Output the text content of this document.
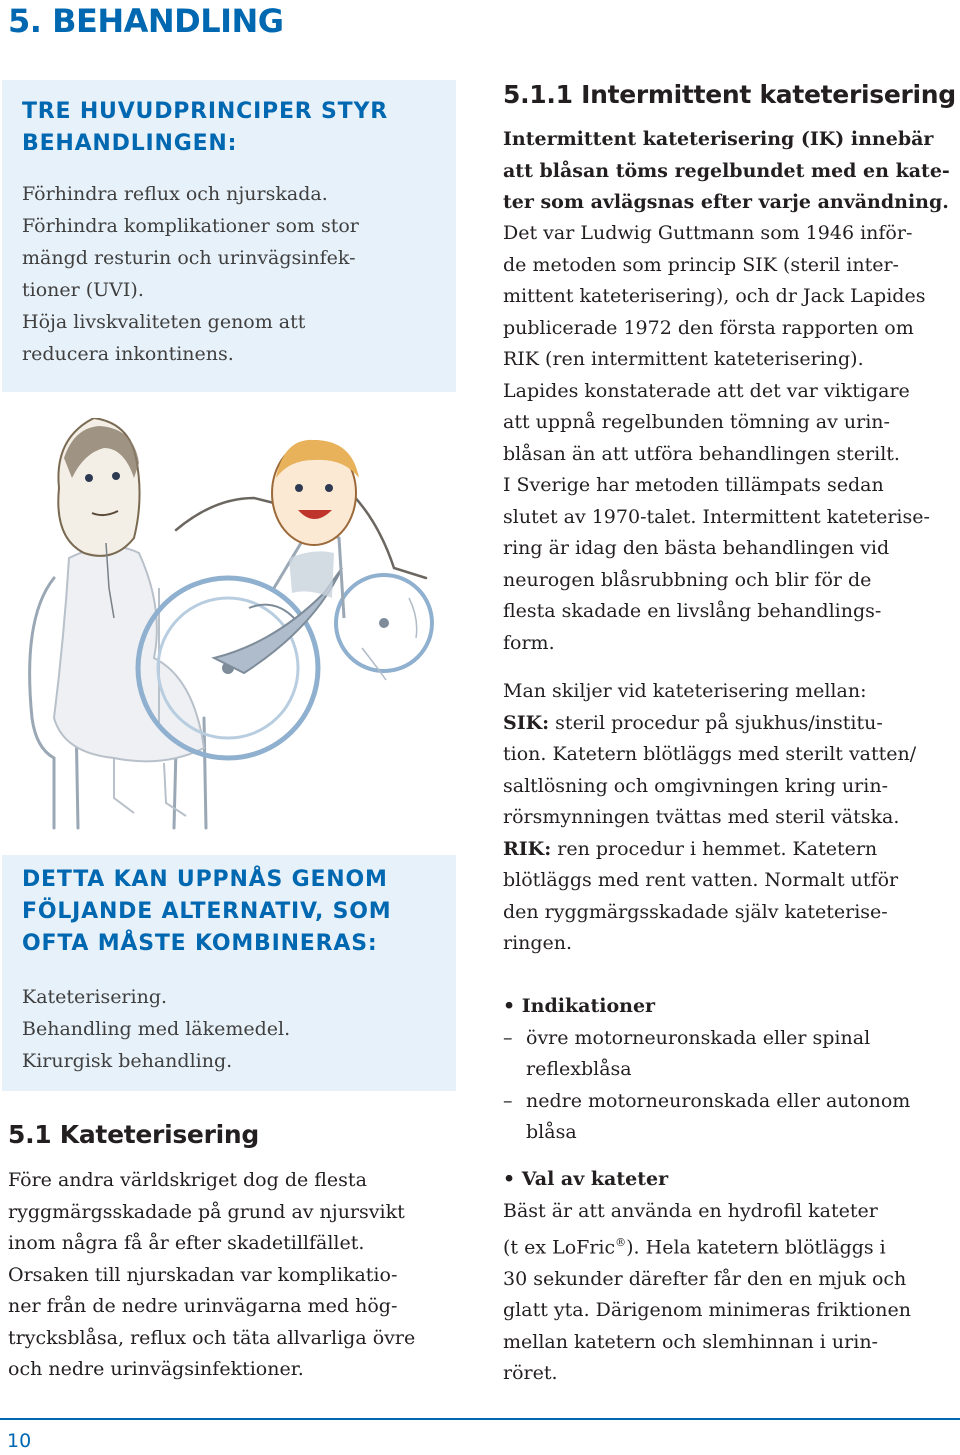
5. BEHANDLING
TRE HUVUDPRINCIPER STYR
BEHANDLINGEN:
Förhindra reflux och njurskada.
Förhindra komplikationer som stor
mängd resturin och urinvägsinfek-
tioner (UVI).
Höja livskvaliteten genom att
reducera inkontinens.
DETTA KAN UPPNÅS GENOM
FÖLJANDE ALTERNATIV, SOM
OFTA MÅSTE KOMBINERAS:
Kateterisering.
Behandling med läkemedel.
Kirurgisk behandling.
5.1 Kateterisering
Före andra världskriget dog de flesta
ryggmärgsskadade på grund av njursvikt
inom några få år efter skadetillfället.
Orsaken till njurskadan var komplikatio-
ner från de nedre urinvägarna med hög-
trycksblåsa, reflux och täta allvarliga övre
och nedre urinvägsinfektioner.
5.1.1 Intermittent kateterisering
Intermittent kateterisering (IK) innebär
att blåsan töms regelbundet med en kate-
ter som avlägsnas efter varje användning.
Det var Ludwig Guttmann som 1946 inför-
de metoden som princip SIK (steril inter-
mittent kateterisering), och dr Jack Lapides
publicerade 1972 den första rapporten om
RIK (ren intermittent kateterisering).
Lapides konstaterade att det var viktigare
att uppnå regelbunden tömning av urin-
blåsan än att utföra behandlingen sterilt.
I Sverige har metoden tillämpats sedan
slutet av 1970-talet. Intermittent kateterise-
ring är idag den bästa behandlingen vid
neurogen blåsrubbning och blir för de
flesta skadade en livslång behandlings-
form.
Man skiljer vid kateterisering mellan:
SIK: steril procedur på sjukhus/institu-
tion. Katetern blötläggs med sterilt vatten/
saltlösning och omgivningen kring urin-
rörsmynningen tvättas med steril vätska.
RIK: ren procedur i hemmet. Katetern
blötläggs med rent vatten. Normalt utför
den ryggmärgsskadade själv kateterise-
ringen.
• Indikationer
– övre motorneuronskada eller spinal
reflexblåsa
– nedre motorneuronskada eller autonom
blåsa
• Val av kateter
Bäst är att använda en hydrofil kateter
(t ex LoFric®). Hela katetern blötläggs i
30 sekunder därefter får den en mjuk och
glatt yta. Därigenom minimeras friktionen
mellan katetern och slemhinnan i urin-
röret.
10
